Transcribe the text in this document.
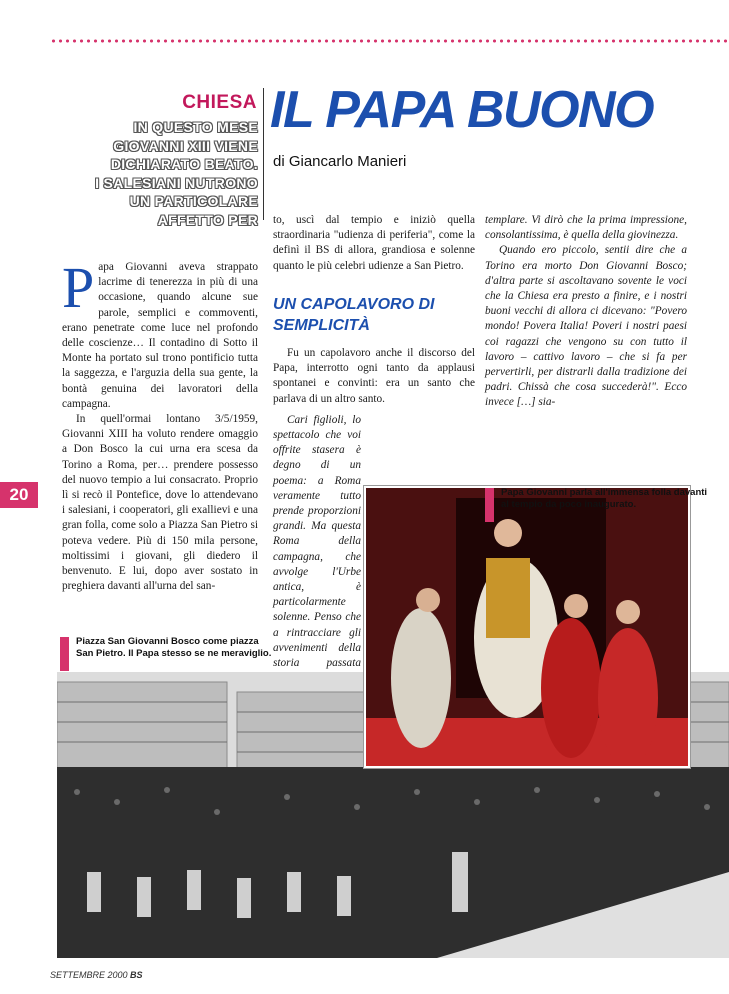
CHIESA IL PAPA BUONO
di Giancarlo Manieri
IN QUESTO MESE
GIOVANNI XIII VIENE
DICHIARATO BEATO.
I SALESIANI NUTRONO
UN PARTICOLARE
AFFETTO PER

Papa Giovanni aveva strappato lacrime di tenerezza in più di una occasione, quando alcune sue parole, semplici e commoventi, erano penetrate come luce nel profondo delle coscienze… Il contadino di Sotto il Monte ha portato sul trono pontificio tutta la saggezza, e l'arguzia della sua gente, la bontà genuina dei lavoratori della campagna.

In quell'ormai lontano 3/5/1959, Giovanni XIII ha voluto rendere omaggio a Don Bosco la cui urna era scesa da Torino a Roma, per… prendere possesso del nuovo tempio a lui consacrato. Proprio lì si recò il Pontefice, dove lo attendevano i salesiani, i cooperatori, gli exallievi e una gran folla, come solo a Piazza San Pietro si poteva vedere. Più di 150 mila persone, moltissimi i giovani, gli diedero il benvenuto. E lui, dopo aver sostato in preghiera davanti all'urna del san-

to, uscì dal tempio e iniziò quella straordinaria "udienza di periferia", come la definì il BS di allora, grandiosa e solenne quanto le più celebri udienze a San Pietro.

UN CAPOLAVORO DI SEMPLICITÀ

Fu un capolavoro anche il discorso del Papa, interrotto ogni tanto da applausi spontanei e convinti: era un santo che parlava di un altro santo.

Cari figlioli, lo spettacolo che voi offrite stasera è degno di un poema: a Roma veramente tutto prende proporzioni grandi. Ma questa Roma della campagna, che avvolge l'Urbe antica, è particolarmente solenne. Penso che a rintracciare gli avvenimenti della storia passata

templare. Vi dirò che la prima impressione, consolantissima, è quella della giovinezza.

Quando ero piccolo, sentii dire che a Torino era morto Don Giovanni Bosco; d'altra parte si ascoltavano sovente le voci che la Chiesa era presto a finire, e i nostri buoni vecchi di allora ci dicevano: "Povero mondo! Povera Italia! Poveri i nostri paesi coi ragazzi che vengono su con tutto il lavoro – cattivo lavoro – che si fa per pervertirli, per distrarli dalla tradizione dei padri. Chissà che cosa succederà!". Ecco invece […] sia-

20	Papa Giovanni parla all'immensa folla davanti al tempio da poco inaugurato.
Piazza San Giovanni Bosco come piazza San Pietro. Il Papa stesso se ne meraviglio.
SETTEMBRE 2000 BS
